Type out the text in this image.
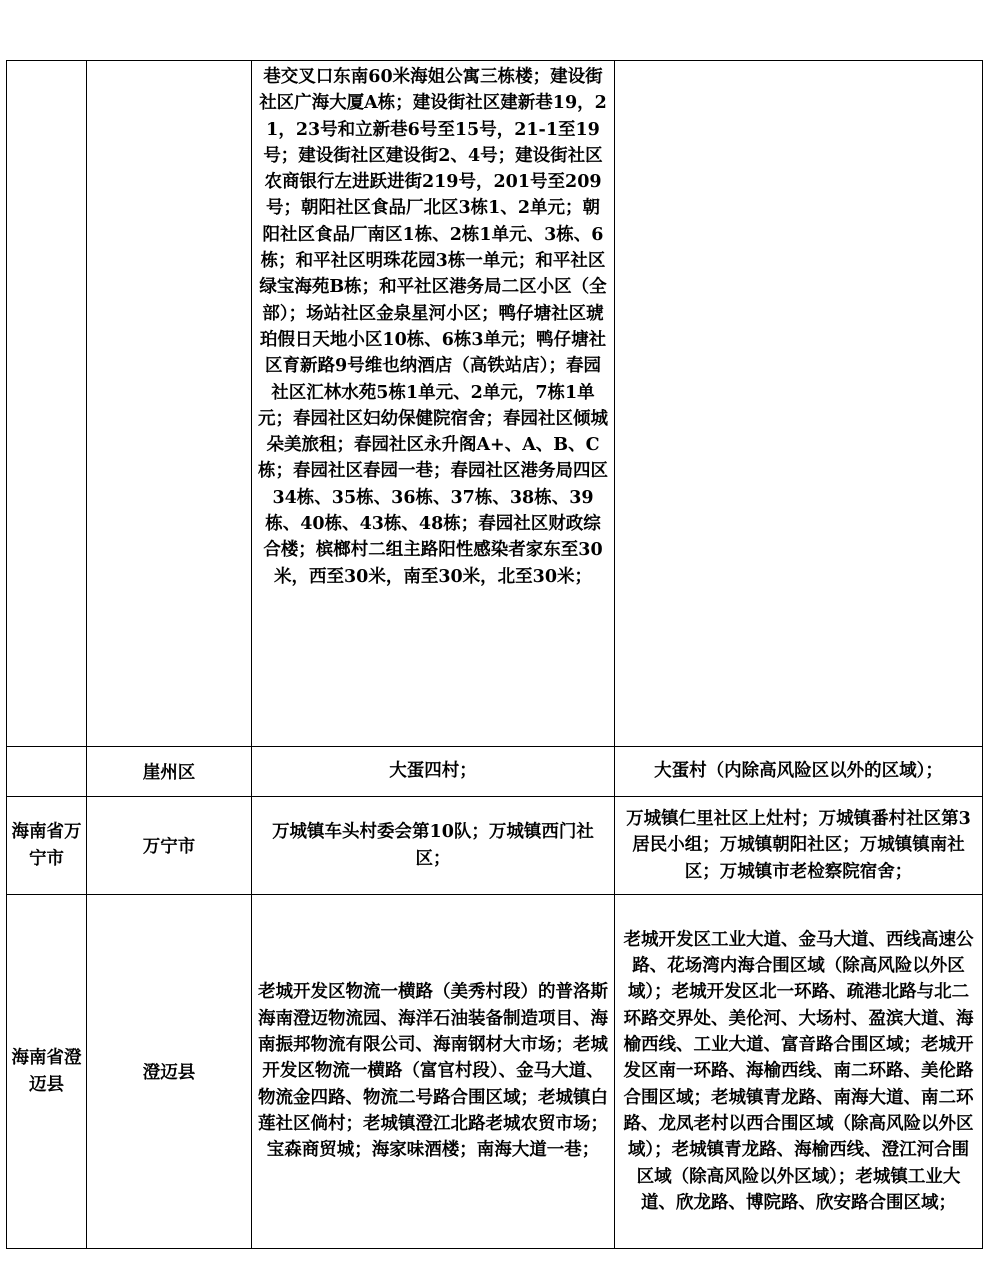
		巷交叉口东南60米海姐公寓三栋楼；建设街社区广海大厦A栋；建设街社区建新巷19，21，23号和立新巷6号至15号，21-1至19号；建设街社区建设街2、4号；建设街社区农商银行左进跃进街219号，201号至209号；朝阳社区食品厂北区3栋1、2单元；朝阳社区食品厂南区1栋、2栋1单元、3栋、6栋；和平社区明珠花园3栋一单元；和平社区绿宝海苑B栋；和平社区港务局二区小区（全部）；场站社区金泉星河小区；鸭仔塘社区琥珀假日天地小区10栋、6栋3单元；鸭仔塘社区育新路9号维也纳酒店（高铁站店）；春园社区汇林水苑5栋1单元、2单元，7栋1单元；春园社区妇幼保健院宿舍；春园社区倾城朵美旅租；春园社区永升阁A+、A、B、C栋；春园社区春园一巷；春园社区港务局四区34栋、35栋、36栋、37栋、38栋、39栋、40栋、43栋、48栋；春园社区财政综合楼；槟榔村二组主路阳性感染者家东至30米，西至30米，南至30米，北至30米；	

	崖州区	大蛋四村；	大蛋村（内除高风险区以外的区域）；

海南省万宁市	万宁市	万城镇车头村委会第10队；万城镇西门社区；	万城镇仁里社区上灶村；万城镇番村社区第3居民小组；万城镇朝阳社区；万城镇镇南社区；万城镇市老检察院宿舍；

海南省澄迈县	澄迈县	老城开发区物流一横路（美秀村段）的普洛斯海南澄迈物流园、海洋石油装备制造项目、海南振邦物流有限公司、海南钢材大市场；老城开发区物流一横路（富官村段）、金马大道、物流金四路、物流二号路合围区域；老城镇白莲社区倘村；老城镇澄江北路老城农贸市场；宝森商贸城；海家味酒楼；南海大道一巷；	老城开发区工业大道、金马大道、西线高速公路、花场湾内海合围区域（除高风险以外区域）；老城开发区北一环路、疏港北路与北二环路交界处、美伦河、大场村、盈滨大道、海榆西线、工业大道、富音路合围区域；老城开发区南一环路、海榆西线、南二环路、美伦路合围区域；老城镇青龙路、南海大道、南二环路、龙凤老村以西合围区域（除高风险以外区域）；老城镇青龙路、海榆西线、澄江河合围区域（除高风险以外区域）；老城镇工业大道、欣龙路、博院路、欣安路合围区域；
